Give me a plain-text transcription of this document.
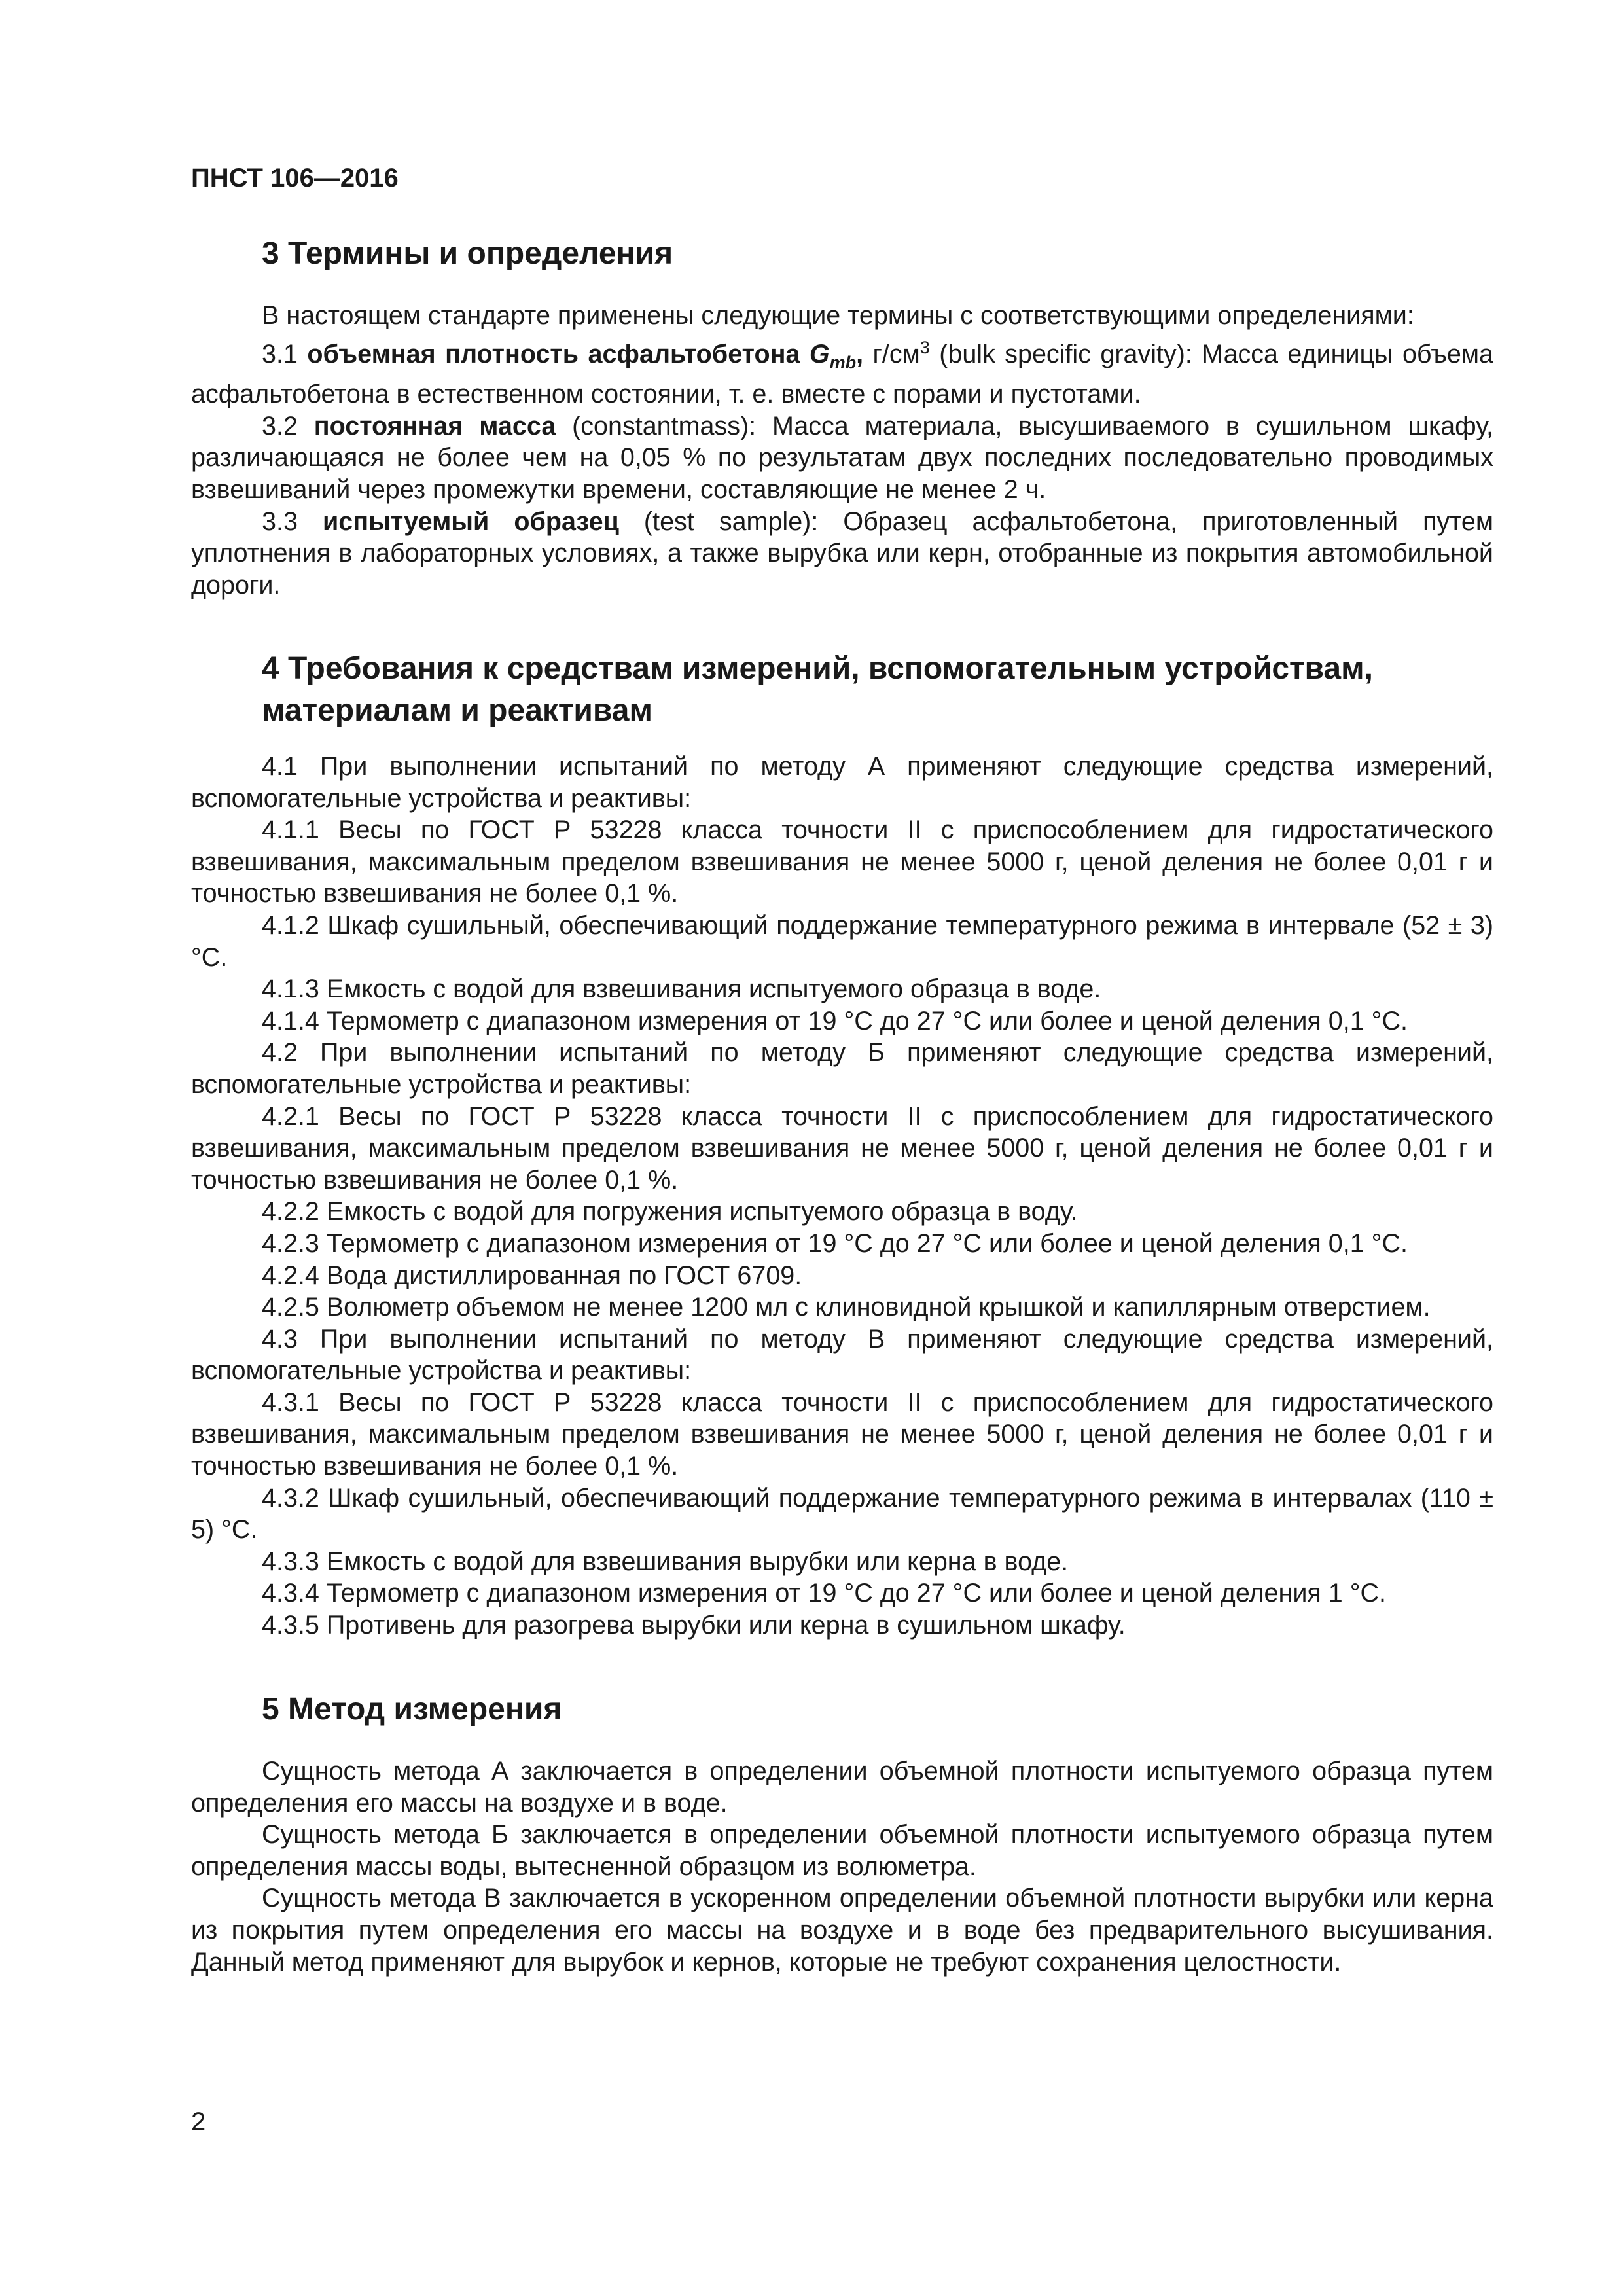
ПНСТ 106—2016
3 Термины и определения

В настоящем стандарте применены следующие термины с соответствующими определениями:

3.1 объемная плотность асфальтобетона $G_{mb}$, $г/см^3$ (bulk specific gravity): Масса единицы объема асфальтобетона в естественном состоянии, т. е. вместе с порами и пустотами.

3.2 постоянная масса (constantmass): Масса материала, высушиваемого в сушильном шкафу, различающаяся не более чем на 0,05 % по результатам двух последних последовательно проводимых взвешиваний через промежутки времени, составляющие не менее 2 ч.

3.3 испытуемый образец (test sample): Образец асфальтобетона, приготовленный путем уплотнения в лабораторных условиях, а также вырубка или керн, отобранные из покрытия автомобильной дороги.

4 Требования к средствам измерений, вспомогательным устройствам,
материалам и реактивам

4.1 При выполнении испытаний по методу А применяют следующие средства измерений, вспомогательные устройства и реактивы:

4.1.1 Весы по ГОСТ Р 53228 класса точности II с приспособлением для гидростатического взвешивания, максимальным пределом взвешивания не менее 5000 г, ценой деления не более 0,01 г и точностью взвешивания не более 0,1 %.

4.1.2 Шкаф сушильный, обеспечивающий поддержание температурного режима в интервале (52 ± 3) °С.

4.1.3 Емкость с водой для взвешивания испытуемого образца в воде.

4.1.4 Термометр с диапазоном измерения от 19 °С до 27 °С или более и ценой деления 0,1 °С.

4.2 При выполнении испытаний по методу Б применяют следующие средства измерений, вспомогательные устройства и реактивы:

4.2.1 Весы по ГОСТ Р 53228 класса точности II с приспособлением для гидростатического взвешивания, максимальным пределом взвешивания не менее 5000 г, ценой деления не более 0,01 г и точностью взвешивания не более 0,1 %.

4.2.2 Емкость с водой для погружения испытуемого образца в воду.

4.2.3 Термометр с диапазоном измерения от 19 °С до 27 °С или более и ценой деления 0,1 °С.

4.2.4 Вода дистиллированная по ГОСТ 6709.

4.2.5 Волюметр объемом не менее 1200 мл с клиновидной крышкой и капиллярным отверстием.

4.3 При выполнении испытаний по методу В применяют следующие средства измерений, вспомогательные устройства и реактивы:

4.3.1 Весы по ГОСТ Р 53228 класса точности II с приспособлением для гидростатического взвешивания, максимальным пределом взвешивания не менее 5000 г, ценой деления не более 0,01 г и точностью взвешивания не более 0,1 %.

4.3.2 Шкаф сушильный, обеспечивающий поддержание температурного режима в интервалах (110 ± 5) °С.

4.3.3 Емкость с водой для взвешивания вырубки или керна в воде.

4.3.4 Термометр с диапазоном измерения от 19 °С до 27 °С или более и ценой деления 1 °С.

4.3.5 Противень для разогрева вырубки или керна в сушильном шкафу.

5 Метод измерения

Сущность метода А заключается в определении объемной плотности испытуемого образца путем определения его массы на воздухе и в воде.

Сущность метода Б заключается в определении объемной плотности испытуемого образца путем определения массы воды, вытесненной образцом из волюметра.

Сущность метода В заключается в ускоренном определении объемной плотности вырубки или керна из покрытия путем определения его массы на воздухе и в воде без предварительного высушивания. Данный метод применяют для вырубок и кернов, которые не требуют сохранения целостности.

2
